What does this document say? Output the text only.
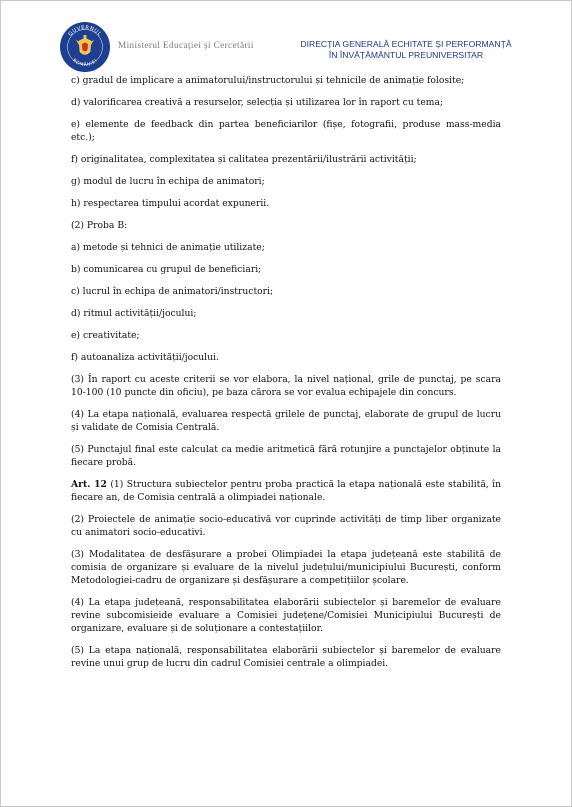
GUVERNUL
ROMÂNIEI
Ministerul Educației și Cercetării	DIRECȚIA GENERALĂ ECHITATE ȘI PERFORMANȚĂ
ÎN ÎNVĂȚĂMÂNTUL PREUNIVERSITAR

c) gradul de implicare a animatorului/instructorului și tehnicile de animație folosite;

d) valorificarea creativă a resurselor, selecția și utilizarea lor în raport cu tema;

e) elemente de feedback din partea beneficiarilor (fișe, fotografii, produse mass-media etc.);

f) originalitatea, complexitatea și calitatea prezentării/ilustrării activității;

g) modul de lucru în echipa de animatori;

h) respectarea timpului acordat expunerii.

(2) Proba B:

a) metode și tehnici de animație utilizate;

b) comunicarea cu grupul de beneficiari;

c) lucrul în echipa de animatori/instructori;

d) ritmul activității/jocului;

e) creativitate;

f) autoanaliza activității/jocului.

(3) În raport cu aceste criterii se vor elabora, la nivel național, grile de punctaj, pe scara 10-100 (10 puncte din oficiu), pe baza cărora se vor evalua echipajele din concurs.

(4) La etapa națională, evaluarea respectă grilele de punctaj, elaborate de grupul de lucru și validate de Comisia Centrală.

(5) Punctajul final este calculat ca medie aritmetică fără rotunjire a punctajelor obținute la fiecare probă.

Art. 12 (1) Structura subiectelor pentru proba practică la etapa națională este stabilită, în fiecare an, de Comisia centrală a olimpiadei naționale.

(2) Proiectele de animație socio-educativă vor cuprinde activități de timp liber organizate cu animatori socio-educativi.

(3) Modalitatea de desfășurare a probei Olimpiadei la etapa județeană este stabilită de comisia de organizare și evaluare de la nivelul județului/municipiului București, conform Metodologiei-cadru de organizare și desfășurare a competițiilor școlare.

(4) La etapa județeană, responsabilitatea elaborării subiectelor și baremelor de evaluare revine subcomisieide evaluare a Comisiei județene/Comisiei Municipiului București de organizare, evaluare și de soluționare a contestațiilor.

(5) La etapa națională, responsabilitatea elaborării subiectelor și baremelor de evaluare revine unui grup de lucru din cadrul Comisiei centrale a olimpiadei.
